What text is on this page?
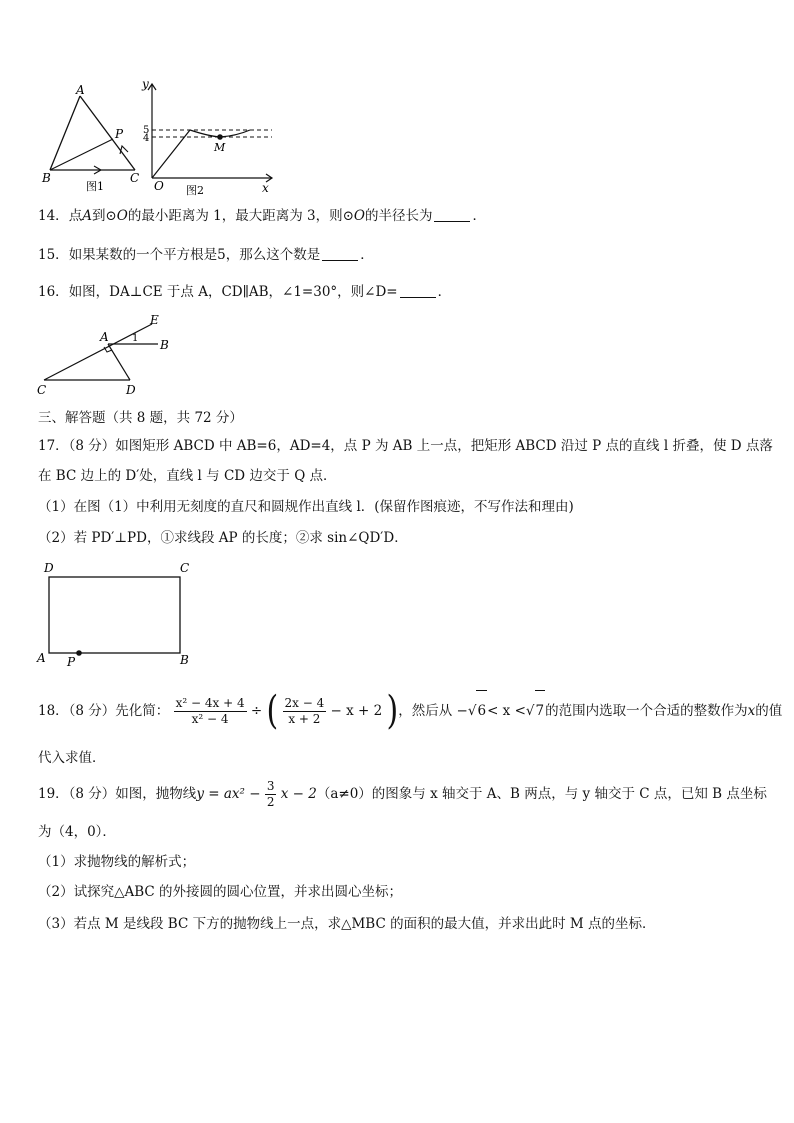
A
B	C
P
图1
y
x
O
5
4
M
图2
14．点A到⊙O的最小距离为 1，最大距离为 3，则⊙O的半径长为	．
15．如果某数的一个平方根是5，那么这个数是	．
16．如图，DA⊥CE 于点 A，CD∥AB，∠1=30°，则∠D=	．
E
A
B
1
C	D
三、解答题（共 8 题，共 72 分）
17．（8 分）如图矩形 ABCD 中 AB=6，AD=4，点 P 为 AB 上一点，把矩形 ABCD 沿过 P 点的直线 l 折叠，使 D 点落
在 BC 边上的 D′处，直线 l 与 CD 边交于 Q 点．
（1）在图（1）中利用无刻度的直尺和圆规作出直线 l．(保留作图痕迹，不写作法和理由)
（2）若 PD′⊥PD，①求线段 AP 的长度；②求 sin∠QD′D．
D	C
A P	B
18．（8 分）先化简： $\frac{\text{x² − 4x + 4}}{\text{x² − 4}}$ ÷ ( $\frac{2x - 4}{x + 2} - x + 2$ )，然后从 −√6< x <√7的范围内选取一个合适的整数作为x的值
代入求值．
19．（8 分）如图，抛物线$y = ax^2 - \frac{3}{2}$ x − 2（a≠0）的图象与 x 轴交于 A、B 两点，与 y 轴交于 C 点，已知 B 点坐标
为（4，0）．
（1）求抛物线的解析式；
（2）试探究△ABC 的外接圆的圆心位置，并求出圆心坐标；
（3）若点 M 是线段 BC 下方的抛物线上一点，求△MBC 的面积的最大值，并求出此时 M 点的坐标．
